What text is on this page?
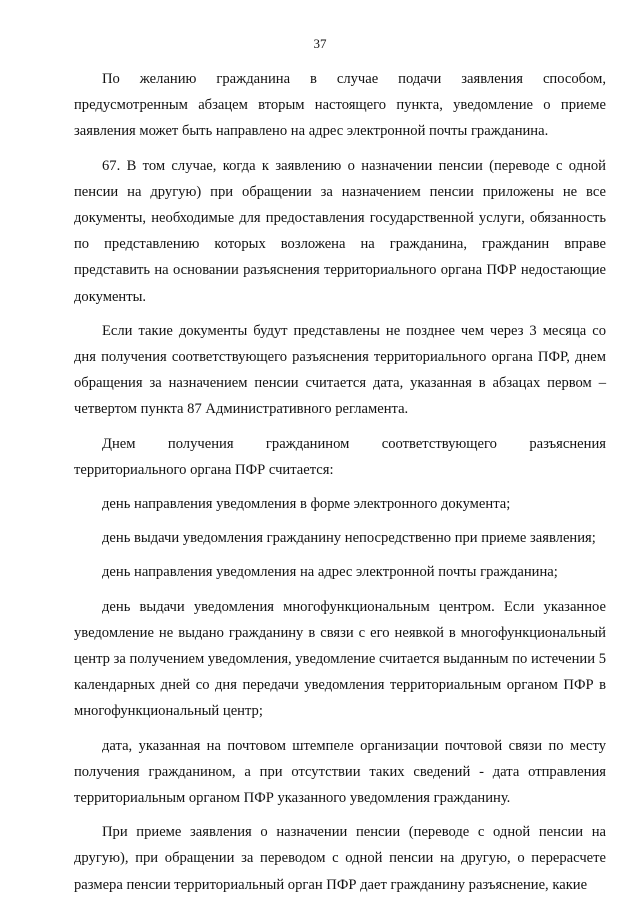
37

По желанию гражданина в случае подачи заявления способом, предусмотренным абзацем вторым настоящего пункта, уведомление о приеме заявления может быть направлено на адрес электронной почты гражданина.

67. В том случае, когда к заявлению о назначении пенсии (переводе с одной пенсии на другую) при обращении за назначением пенсии приложены не все документы, необходимые для предоставления государственной услуги, обязанность по представлению которых возложена на гражданина, гражданин вправе представить на основании разъяснения территориального органа ПФР недостающие документы.

Если такие документы будут представлены не позднее чем через 3 месяца со дня получения соответствующего разъяснения территориального органа ПФР, днем обращения за назначением пенсии считается дата, указанная в абзацах первом – четвертом пункта 87 Административного регламента.

Днем получения гражданином соответствующего разъяснения территориального органа ПФР считается:

день направления уведомления в форме электронного документа;

день выдачи уведомления гражданину непосредственно при приеме заявления;

день направления уведомления на адрес электронной почты гражданина;

день выдачи уведомления многофункциональным центром. Если указанное уведомление не выдано гражданину в связи с его неявкой в многофункциональный центр за получением уведомления, уведомление считается выданным по истечении 5 календарных дней со дня передачи уведомления территориальным органом ПФР в многофункциональный центр;

дата, указанная на почтовом штемпеле организации почтовой связи по месту получения гражданином, а при отсутствии таких сведений - дата отправления территориальным органом ПФР указанного уведомления гражданину.

При приеме заявления о назначении пенсии (переводе с одной пенсии на другую), при обращении за переводом с одной пенсии на другую, о перерасчете размера пенсии территориальный орган ПФР дает гражданину разъяснение, какие
